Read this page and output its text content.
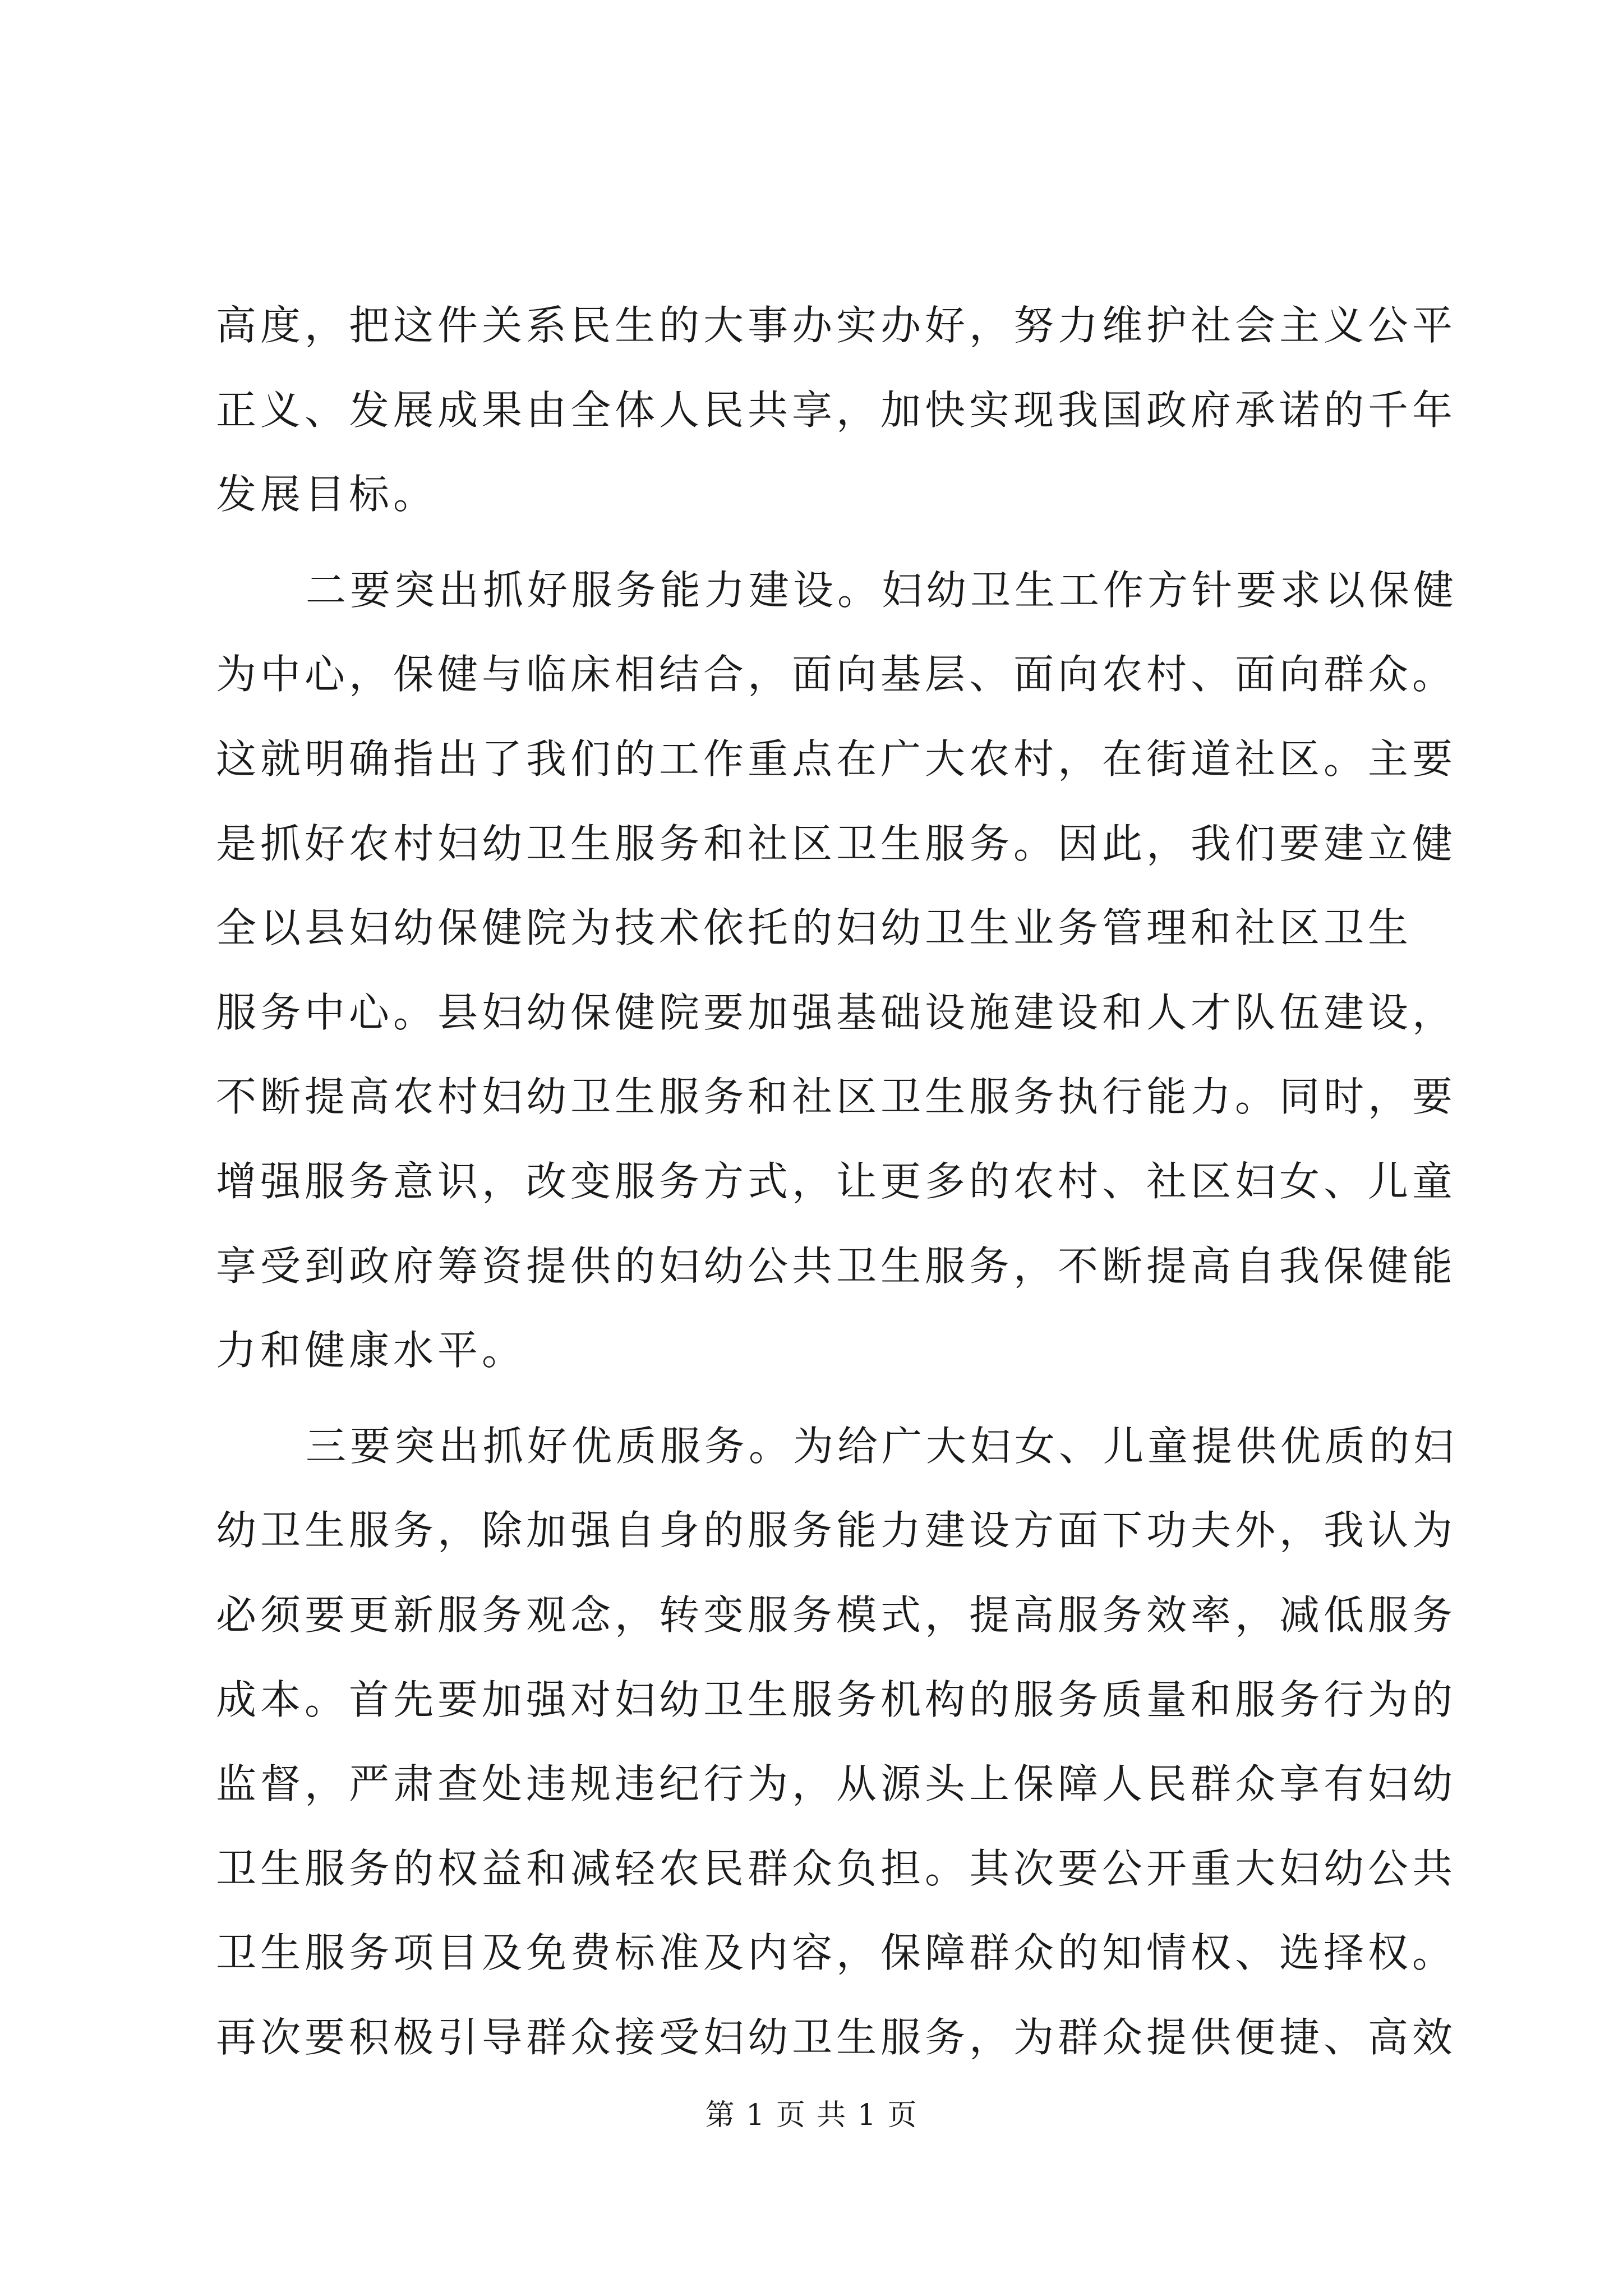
高度，把这件关系民生的大事办实办好，努力维护社会主义公平
正义、发展成果由全体人民共享，加快实现我国政府承诺的千年
发展目标。
二要突出抓好服务能力建设。妇幼卫生工作方针要求以保健
为中心，保健与临床相结合，面向基层、面向农村、面向群众。
这就明确指出了我们的工作重点在广大农村，在街道社区。主要
是抓好农村妇幼卫生服务和社区卫生服务。因此，我们要建立健
全以县妇幼保健院为技术依托的妇幼卫生业务管理和社区卫生
服务中心。县妇幼保健院要加强基础设施建设和人才队伍建设，
不断提高农村妇幼卫生服务和社区卫生服务执行能力。同时，要
增强服务意识，改变服务方式，让更多的农村、社区妇女、儿童
享受到政府筹资提供的妇幼公共卫生服务，不断提高自我保健能
力和健康水平。
三要突出抓好优质服务。为给广大妇女、儿童提供优质的妇
幼卫生服务，除加强自身的服务能力建设方面下功夫外，我认为
必须要更新服务观念，转变服务模式，提高服务效率，减低服务
成本。首先要加强对妇幼卫生服务机构的服务质量和服务行为的
监督，严肃查处违规违纪行为，从源头上保障人民群众享有妇幼
卫生服务的权益和减轻农民群众负担。其次要公开重大妇幼公共
卫生服务项目及免费标准及内容，保障群众的知情权、选择权。
再次要积极引导群众接受妇幼卫生服务，为群众提供便捷、高效
第 1 页 共 1 页
